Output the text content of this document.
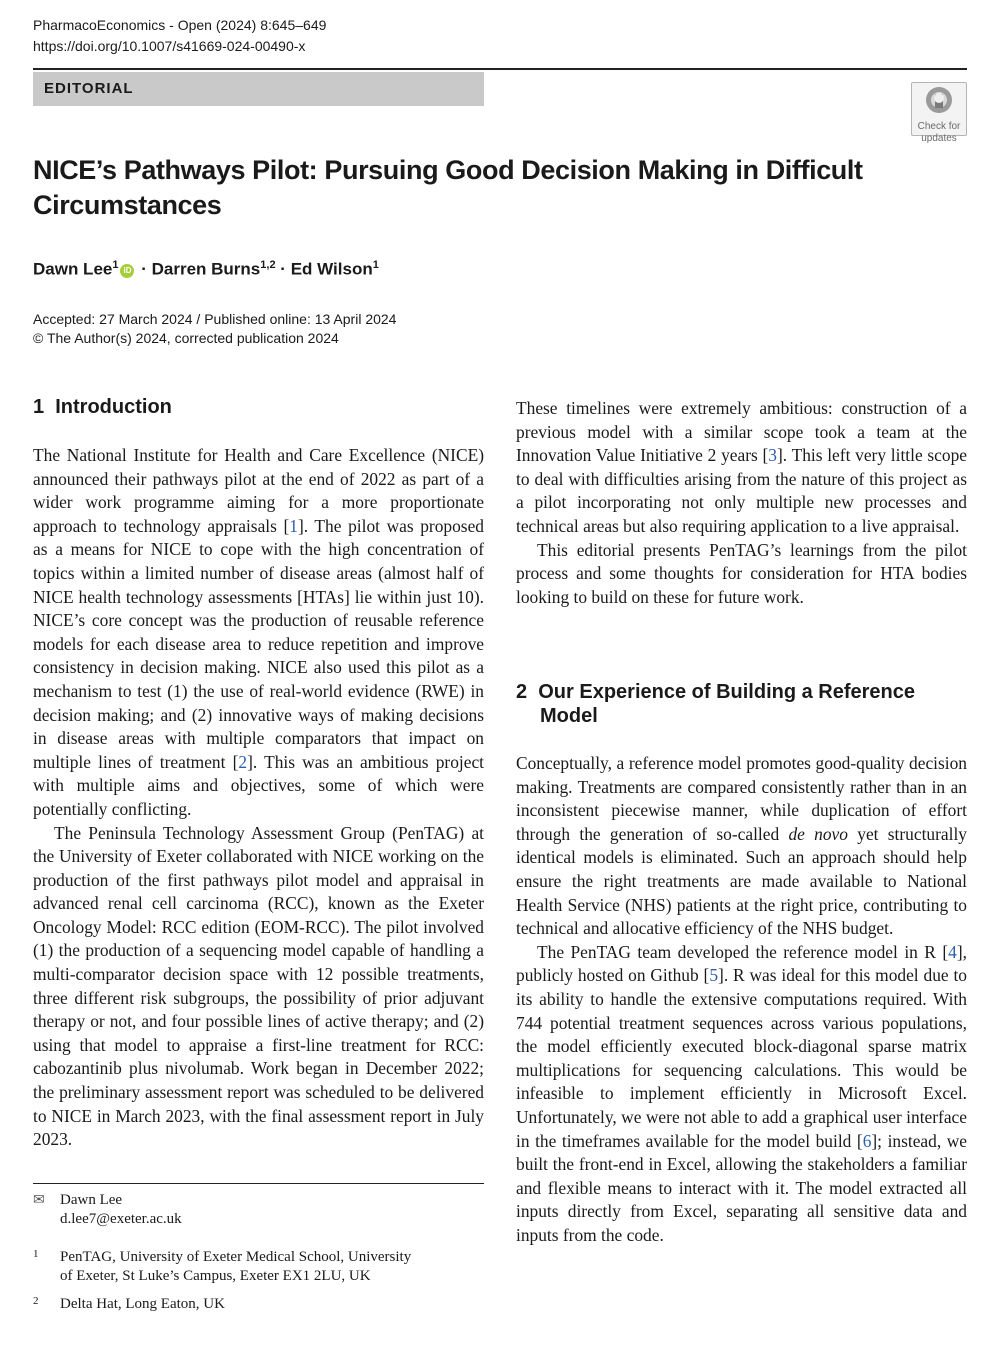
PharmacoEconomics - Open (2024) 8:645–649
https://doi.org/10.1007/s41669-024-00490-x
EDITORIAL
Check for
updates
NICE’s Pathways Pilot: Pursuing Good Decision Making in Difficult Circumstances
Dawn Lee$^1$ iD · Darren Burns$^{1,2}$ · Ed Wilson$^1$
Accepted: 27 March 2024 / Published online: 13 April 2024
© The Author(s) 2024, corrected publication 2024
1 Introduction

The National Institute for Health and Care Excellence (NICE) announced their pathways pilot at the end of 2022 as part of a wider work programme aiming for a more proportionate approach to technology appraisals [1]. The pilot was proposed as a means for NICE to cope with the high concentration of topics within a limited number of disease areas (almost half of NICE health technology assessments [HTAs] lie within just 10). NICE’s core concept was the production of reusable reference models for each disease area to reduce repetition and improve consistency in decision making. NICE also used this pilot as a mechanism to test (1) the use of real-world evidence (RWE) in decision making; and (2) innovative ways of making decisions in disease areas with multiple comparators that impact on multiple lines of treatment [2]. This was an ambitious project with multiple aims and objectives, some of which were potentially conflicting.

The Peninsula Technology Assessment Group (PenTAG) at the University of Exeter collaborated with NICE working on the production of the first pathways pilot model and appraisal in advanced renal cell carcinoma (RCC), known as the Exeter Oncology Model: RCC edition (EOM-RCC). The pilot involved (1) the production of a sequencing model capable of handling a multi-comparator decision space with 12 possible treatments, three different risk subgroups, the possibility of prior adjuvant therapy or not, and four possible lines of active therapy; and (2) using that model to appraise a first-line treatment for RCC: cabozantinib plus nivolumab. Work began in December 2022; the preliminary assessment report was scheduled to be delivered to NICE in March 2023, with the final assessment report in July 2023.

These timelines were extremely ambitious: construction of a previous model with a similar scope took a team at the Innovation Value Initiative 2 years [3]. This left very little scope to deal with difficulties arising from the nature of this project as a pilot incorporating not only multiple new processes and technical areas but also requiring application to a live appraisal.

This editorial presents PenTAG’s learnings from the pilot process and some thoughts for consideration for HTA bodies looking to build on these for future work.

2 Our Experience of Building a Reference
Model

Conceptually, a reference model promotes good-quality decision making. Treatments are compared consistently rather than in an inconsistent piecewise manner, while duplication of effort through the generation of so-called de novo yet structurally identical models is eliminated. Such an approach should help ensure the right treatments are made available to National Health Service (NHS) patients at the right price, contributing to technical and allocative efficiency of the NHS budget.

The PenTAG team developed the reference model in R [4], publicly hosted on Github [5]. R was ideal for this model due to its ability to handle the extensive computations required. With 744 potential treatment sequences across various populations, the model efficiently executed block-diagonal sparse matrix multiplications for sequencing calculations. This would be infeasible to implement efficiently in Microsoft Excel. Unfortunately, we were not able to add a graphical user interface in the timeframes available for the model build [6]; instead, we built the front-end in Excel, allowing the stakeholders a familiar and flexible means to interact with it. The model extracted all inputs directly from Excel, separating all sensitive data and inputs from the code.

✉ Dawn Lee
d.lee7@exeter.ac.uk
1 PenTAG, University of Exeter Medical School, University
of Exeter, St Luke’s Campus, Exeter EX1 2LU, UK
2 Delta Hat, Long Eaton, UK
